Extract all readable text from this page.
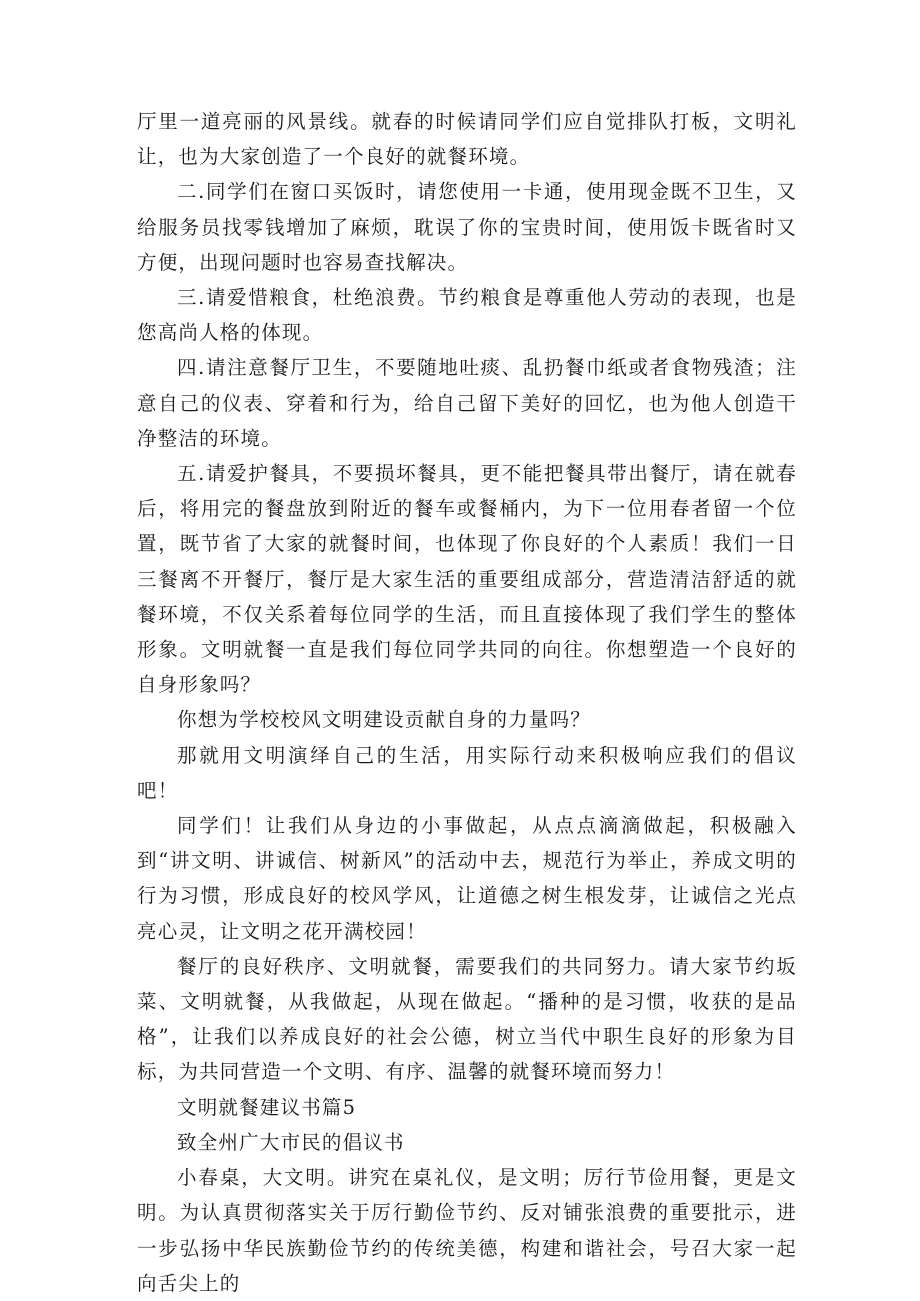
厅里一道亮丽的风景线。就春的时候请同学们应自觉排队打板，文明礼让，也为大家创造了一个良好的就餐环境。

二.同学们在窗口买饭时，请您使用一卡通，使用现金既不卫生，又给服务员找零钱增加了麻烦，耽误了你的宝贵时间，使用饭卡既省时又方便，出现问题时也容易查找解决。

三.请爱惜粮食，杜绝浪费。节约粮食是尊重他人劳动的表现，也是您高尚人格的体现。

四.请注意餐厅卫生，不要随地吐痰、乱扔餐巾纸或者食物残渣；注意自己的仪表、穿着和行为，给自己留下美好的回忆，也为他人创造干净整洁的环境。

五.请爱护餐具，不要损坏餐具，更不能把餐具带出餐厅，请在就春后，将用完的餐盘放到附近的餐车或餐桶内，为下一位用春者留一个位置，既节省了大家的就餐时间，也体现了你良好的个人素质！我们一日三餐离不开餐厅，餐厅是大家生活的重要组成部分，营造清洁舒适的就餐环境，不仅关系着每位同学的生活，而且直接体现了我们学生的整体形象。文明就餐一直是我们每位同学共同的向往。你想塑造一个良好的自身形象吗？

你想为学校校风文明建设贡献自身的力量吗？

那就用文明演绎自己的生活，用实际行动来积极响应我们的倡议吧！

同学们！让我们从身边的小事做起，从点点滴滴做起，积极融入到“讲文明、讲诚信、树新风”的活动中去，规范行为举止，养成文明的行为习惯，形成良好的校风学风，让道德之树生根发芽，让诚信之光点亮心灵，让文明之花开满校园！

餐厅的良好秩序、文明就餐，需要我们的共同努力。请大家节约坂菜、文明就餐，从我做起，从现在做起。“播种的是习惯，收获的是品格”，让我们以养成良好的社会公德，树立当代中职生良好的形象为目标，为共同营造一个文明、有序、温馨的就餐环境而努力！

文明就餐建议书篇5

致全州广大市民的倡议书

小春桌，大文明。讲究在桌礼仪，是文明；厉行节俭用餐，更是文明。为认真贯彻落实关于厉行勤俭节约、反对铺张浪费的重要批示，进一步弘扬中华民族勤俭节约的传统美德，构建和谐社会，号召大家一起向舌尖上的
